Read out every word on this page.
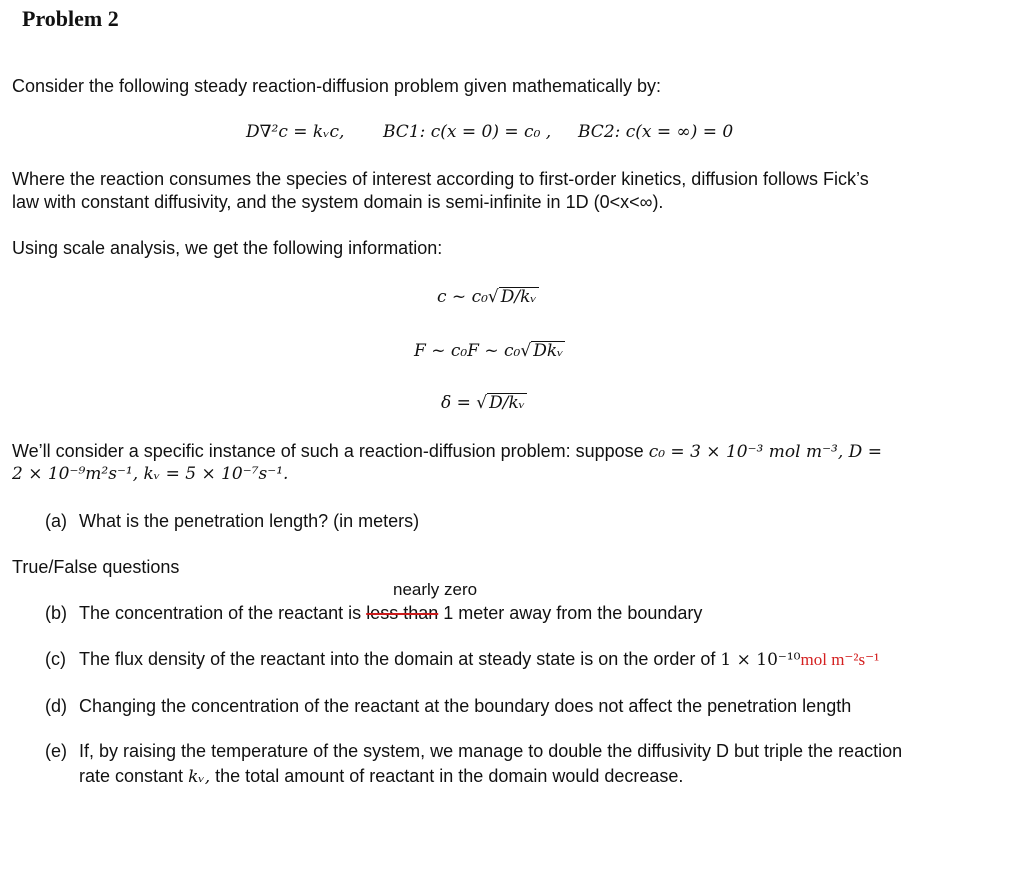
Problem 2
Consider the following steady reaction-diffusion problem given mathematically by:
D∇²c = kᵥc, BC1: c(x = 0) = c₀ , BC2: c(x = ∞) = 0
Where the reaction consumes the species of interest according to first-order kinetics, diffusion follows Fick’s
law with constant diffusivity, and the system domain is semi-infinite in 1D (0<x<∞).
Using scale analysis, we get the following information:
c ~ c₀√ D/kᵥ
F ~ c₀F ~ c₀√ Dkᵥ
δ = √ D/kᵥ
We’ll consider a specific instance of such a reaction-diffusion problem: suppose c₀ = 3 × 10⁻³ mol m⁻³, D =
2 × 10⁻⁹m²s⁻¹, kᵥ = 5 × 10⁻⁷s⁻¹.
(a) What is the penetration length? (in meters)
True/False questions
nearly zero
(b) The concentration of the reactant is less than 1 meter away from the boundary
(c) The flux density of the reactant into the domain at steady state is on the order of 1 × 10⁻¹⁰mol m⁻²s⁻¹
(d) Changing the concentration of the reactant at the boundary does not affect the penetration length
(e) If, by raising the temperature of the system, we manage to double the diffusivity D but triple the reaction
rate constant kᵥ, the total amount of reactant in the domain would decrease.
